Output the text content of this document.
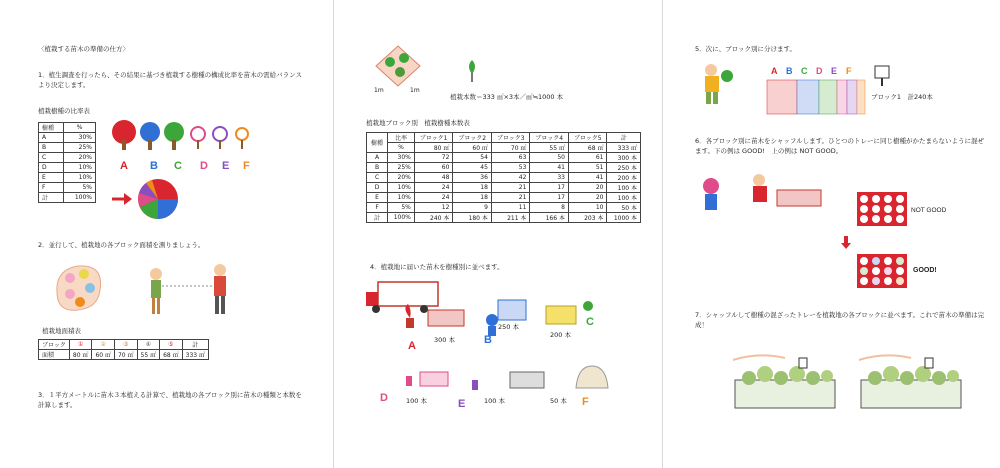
〈植栽する苗木の準備の仕方〉
1．植生調査を行ったら、その結果に基づき植栽する樹種の構成比率を苗木の需給バランスより決定します。
植栽樹種の比率表
樹種	%
A	30%
B	25%
C	20%
D	10%
E	10%
F	5%
計	100%
A B C D E F
2．並行して、植栽地の各ブロック面積を測りましょう。
植栽地面積表
ブロック	①	②	③	④	⑤	計
面積	80 ㎡	60 ㎡	70 ㎡	55 ㎡	68 ㎡	333 ㎡
3．１平方メートルに苗木３本植える計算で、植栽地の各ブロック別に苗木の種類と本数を計算します。
1m	1m
植栽本数＝333 ㎡×3本／㎡≒1000 本
植栽地ブロック別　植栽樹種本数表
樹種	比率	ブロック1	ブロック2	ブロック3	ブロック4	ブロック5	計
	%	80 ㎡	60 ㎡	70 ㎡	55 ㎡	68 ㎡	333 ㎡
A	30%	72	54	63	50	61	300 本
B	25%	60	45	53	41	51	250 本
C	20%	48	36	42	33	41	200 本
D	10%	24	18	21	17	20	100 本
E	10%	24	18	21	17	20	100 本
F	5%	12	9	11	8	10	50 本
計	100%	240 本	180 本	211 本	166 本	203 本	1000 本
4．植栽地に届いた苗木を樹種別に並べます。
A	300 本	B
250 本
200 本
C
D	100 本	E	100 本	50 本 F
5．次に、ブロック別に分けます。
A B C D E F
ブロック1　計240本
6．各ブロック別に苗木をシャッフルします。ひとつのトレーに同じ樹種がかたまらないように混ぜます。下の例は GOOD!　上の例は NOT GOOD。
NOT GOOD
GOOD!
7．シャッフルして樹種の混ざったトレーを植栽地の各ブロックに並べます。これで苗木の準備は完成！
